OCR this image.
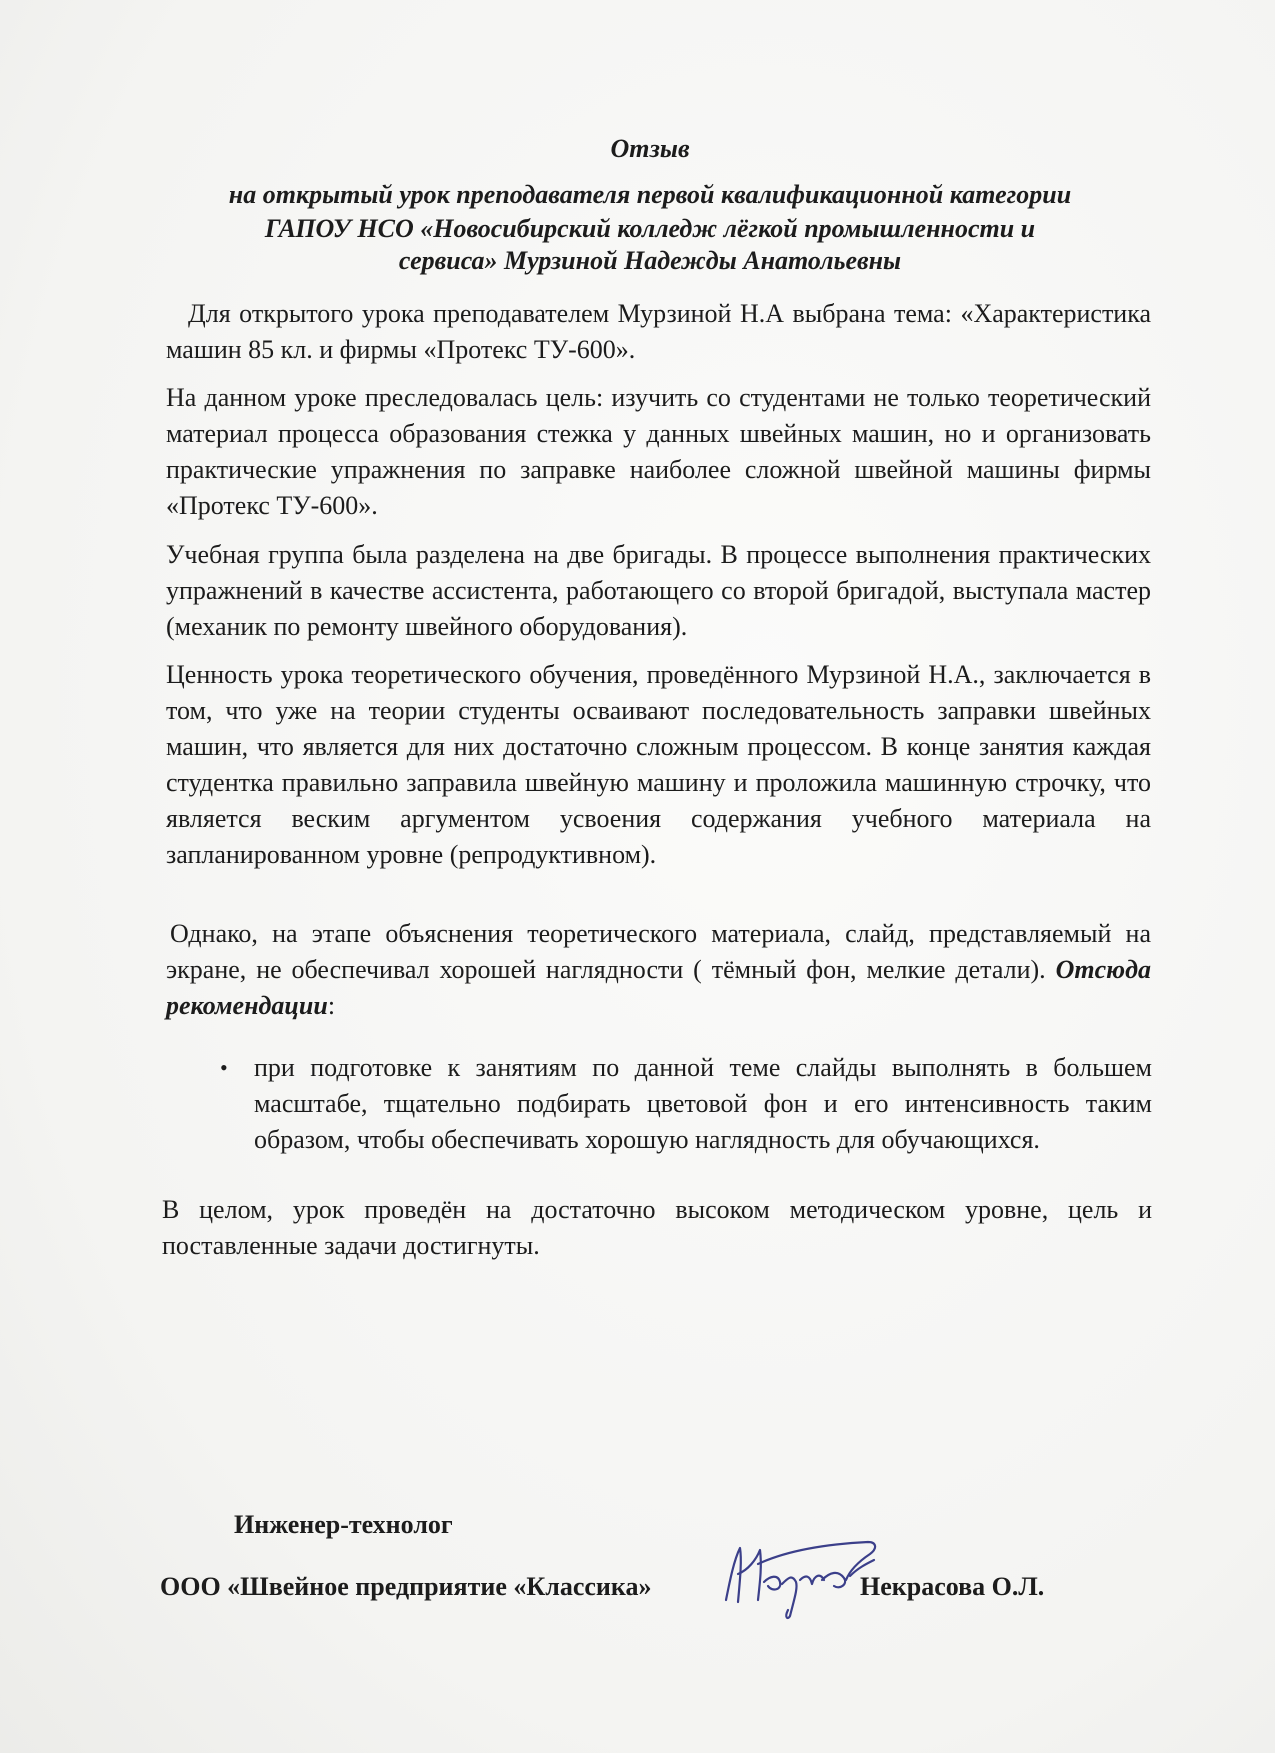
Отзыв

на открытый урок преподавателя первой квалификационной категории

ГАПОУ НСО «Новосибирский колледж лёгкой промышленности и

сервиса» Мурзиной Надежды Анатольевны

Для открытого урока преподавателем Мурзиной Н.А выбрана тема: «Характеристика машин 85 кл. и фирмы «Протекс ТУ-600».

На данном уроке преследовалась цель: изучить со студентами не только теоретический материал процесса образования стежка у данных швейных машин, но и организовать практические упражнения по заправке наиболее сложной швейной машины фирмы «Протекс ТУ-600».

Учебная группа была разделена на две бригады. В процессе выполнения практических упражнений в качестве ассистента, работающего со второй бригадой, выступала мастер (механик по ремонту швейного оборудования).

Ценность урока теоретического обучения, проведённого Мурзиной Н.А., заключается в том, что уже на теории студенты осваивают последовательность заправки швейных машин, что является для них достаточно сложным процессом. В конце занятия каждая студентка правильно заправила швейную машину и проложила машинную строчку, что является веским аргументом усвоения содержания учебного материала на запланированном уровне (репродуктивном).

Однако, на этапе объяснения теоретического материала, слайд, представляемый на экране, не обеспечивал хорошей наглядности ( тёмный фон, мелкие детали). Отсюда рекомендации:

• при подготовке к занятиям по данной теме слайды выполнять в большем масштабе, тщательно подбирать цветовой фон и его интенсивность таким образом, чтобы обеспечивать хорошую наглядность для обучающихся.

В целом, урок проведён на достаточно высоком методическом уровне, цель и поставленные задачи достигнуты.

Инженер-технолог

ООО «Швейное предприятие «Классика»	Некрасова О.Л.
